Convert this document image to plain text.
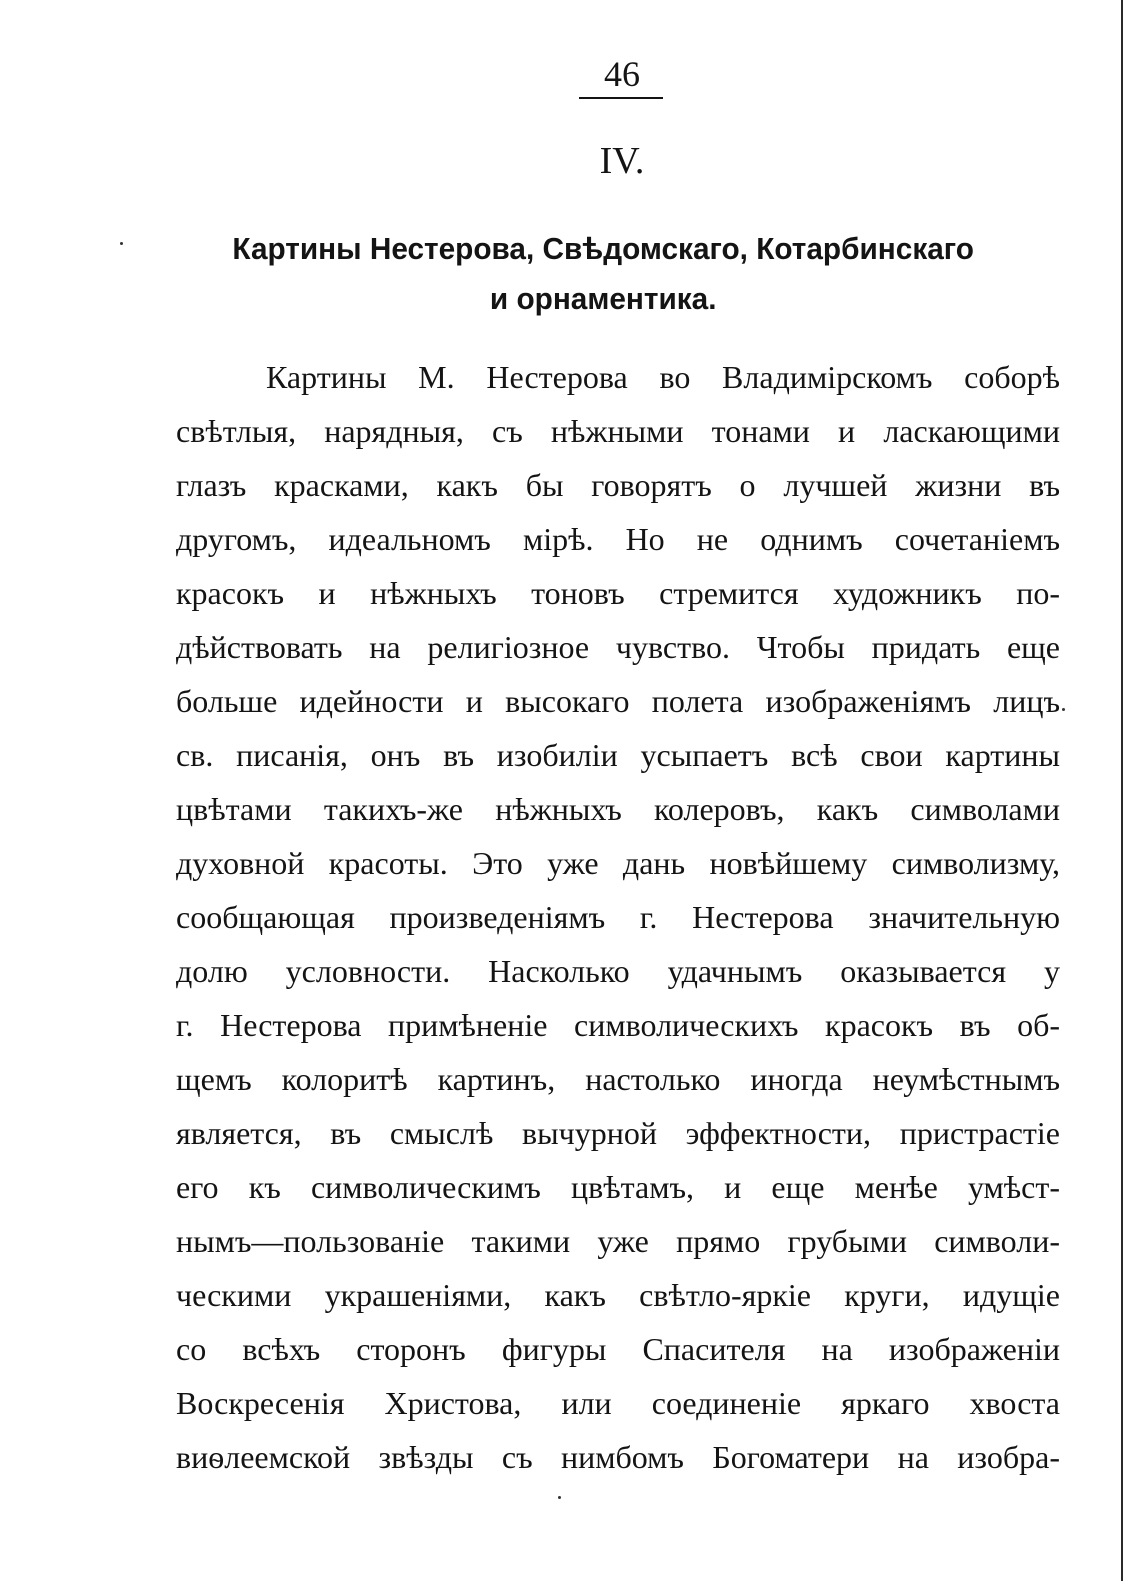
46
IV.
Картины Нестерова, Свѣдомскаго, Котарбинскаго
и орнаментика.
Картины М. Нестерова во Владимірскомъ соборѣ
свѣтлыя, нарядныя, съ нѣжными тонами и ласкающими
глазъ красками, какъ бы говорятъ о лучшей жизни въ
другомъ, идеальномъ мірѣ. Но не однимъ сочетаніемъ
красокъ и нѣжныхъ тоновъ стремится художникъ по-
дѣйствовать на религіозное чувство. Чтобы придать еще
больше идейности и высокаго полета изображеніямъ лицъ
св. писанія, онъ въ изобиліи усыпаетъ всѣ свои картины
цвѣтами такихъ-же нѣжныхъ колеровъ, какъ символами
духовной красоты. Это уже дань новѣйшему символизму,
сообщающая произведеніямъ г. Нестерова значительную
долю условности. Насколько удачнымъ оказывается у
г. Нестерова примѣненіе символическихъ красокъ въ об-
щемъ колоритѣ картинъ, настолько иногда неумѣстнымъ
является, въ смыслѣ вычурной эффектности, пристрастіе
его къ символическимъ цвѣтамъ, и еще менѣе умѣст-
нымъ—пользованіе такими уже прямо грубыми символи-
ческими украшеніями, какъ свѣтло-яркіе круги, идущіе
со всѣхъ сторонъ фигуры Спасителя на изображеніи
Воскресенія Христова, или соединеніе яркаго хвоста
виѳлеемской звѣзды съ нимбомъ Богоматери на изобра-
